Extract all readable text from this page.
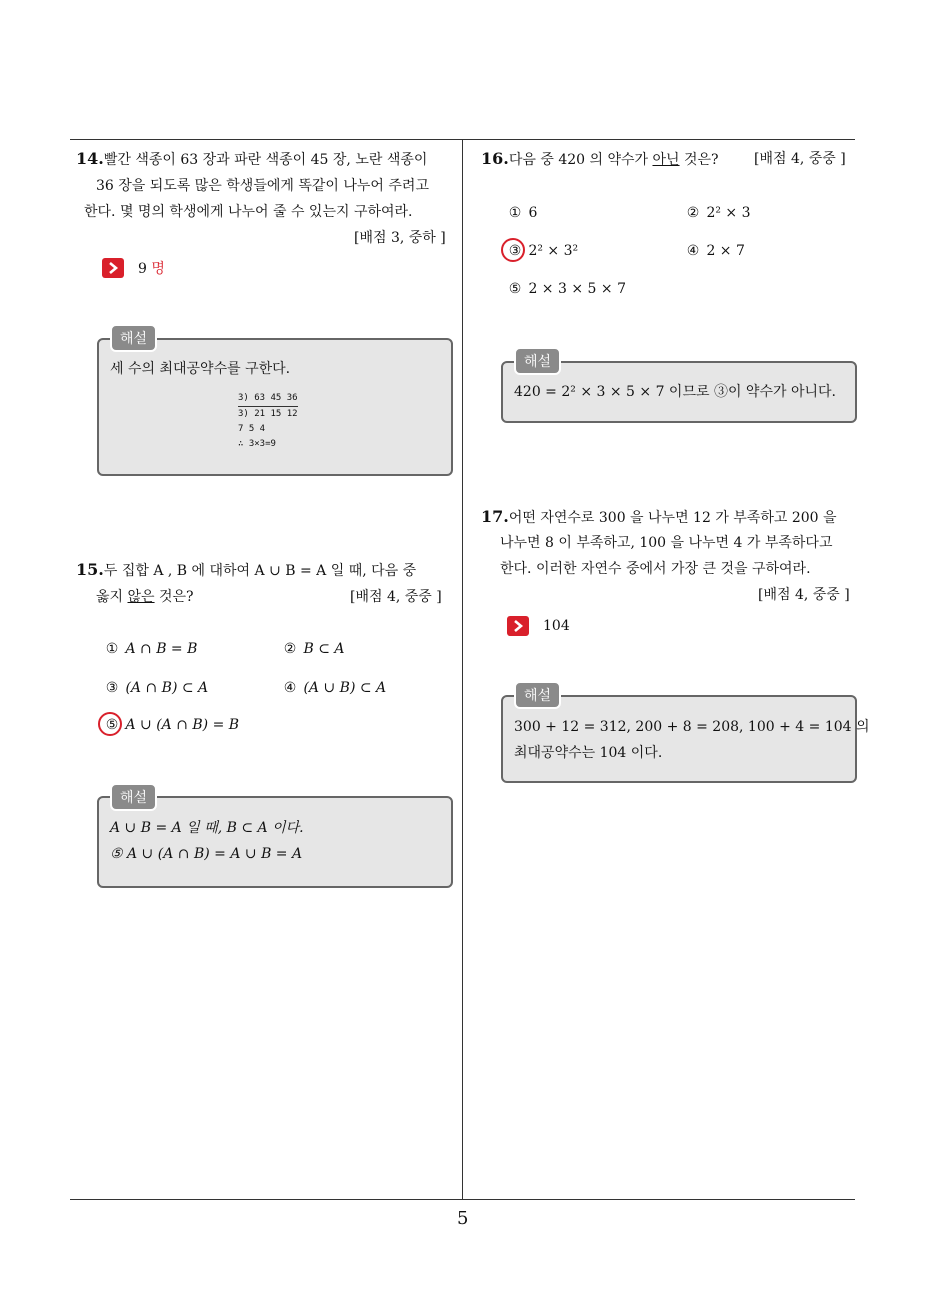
5
14.빨간 색종이 63 장과 파란 색종이 45 장, 노란 색종이
36 장을 되도록 많은 학생들에게 똑같이 나누어 주려고
한다. 몇 명의 학생에게 나누어 줄 수 있는지 구하여라.
[배점 3, 중하 ]
9 명
해설
세 수의 최대공약수를 구한다.
3) 63 45 36
3) 21 15 12
7 5 4
∴ 3×3=9
15.두 집합 A , B 에 대하여 A ∪ B = A 일 때, 다음 중
옳지 않은 것은?	[배점 4, 중중 ]
① A ∩ B = B	② B ⊂ A
③ (A ∩ B) ⊂ A	④ (A ∪ B) ⊂ A
⑤ A ∪ (A ∩ B) = B
해설
A ∪ B = A 일 때, B ⊂ A 이다.
⑤ A ∪ (A ∩ B) = A ∪ B = A
16.다음 중 420 의 약수가 아닌 것은?	[배점 4, 중중 ]
① 6	② 2² × 3
③ 2² × 3²	④ 2 × 7
⑤ 2 × 3 × 5 × 7
해설
420 = 2² × 3 × 5 × 7 이므로 ③이 약수가 아니다.
17.어떤 자연수로 300 을 나누면 12 가 부족하고 200 을
나누면 8 이 부족하고, 100 을 나누면 4 가 부족하다고
한다. 이러한 자연수 중에서 가장 큰 것을 구하여라.
[배점 4, 중중 ]
104
해설
300 + 12 = 312, 200 + 8 = 208, 100 + 4 = 104 의
최대공약수는 104 이다.
